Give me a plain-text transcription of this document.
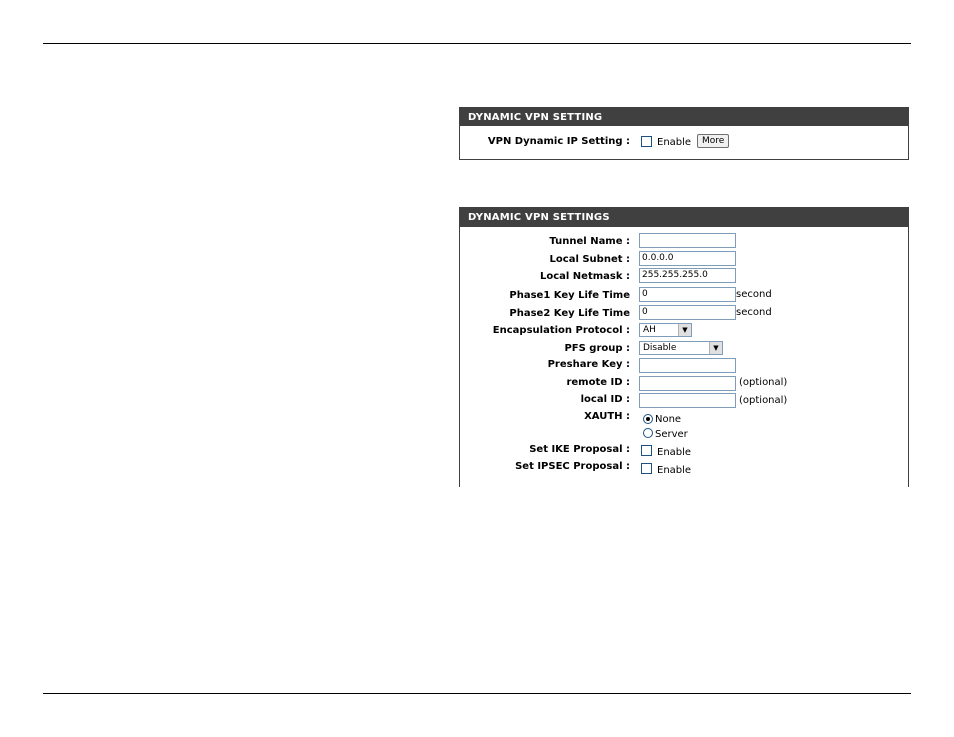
DYNAMIC VPN SETTING
VPN Dynamic IP Setting :	Enable	More
DYNAMIC VPN SETTINGS
Tunnel Name :
Local Subnet :	0.0.0.0
Local Netmask :	255.255.255.0
Phase1 Key Life Time	0	second
Phase2 Key Life Time	0	second
Encapsulation Protocol :	AH	▼
PFS group :	Disable	▼
Preshare Key :
remote ID :	(optional)
local ID :	(optional)
XAUTH :	None
Server
Set IKE Proposal :	Enable
Set IPSEC Proposal :	Enable
